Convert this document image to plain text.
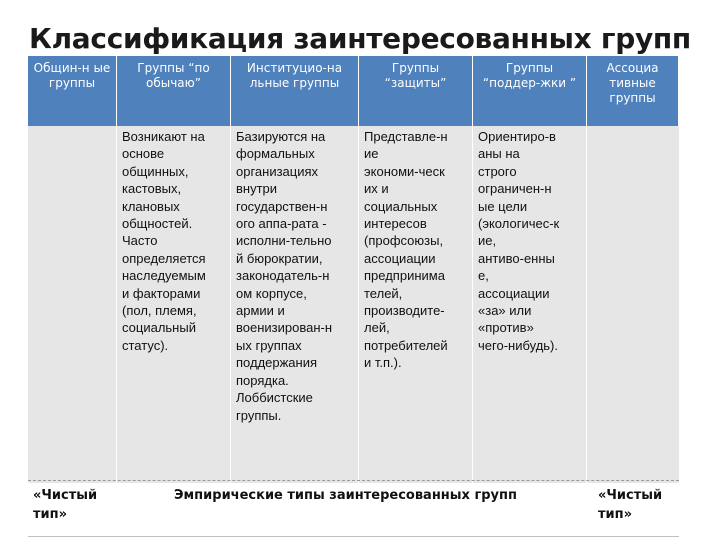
Классификация заинтересованных групп
Общин-н ые группы
Группы “по обычаю”
Институцио-на льные группы
Группы “защиты”
Группы “поддер-жки ”
Ассоциа тивные группы
Возникают на
основе
общинных,
кастовых,
клановых
общностей.
Часто
определяется
наследуемым
и факторами
(пол, племя,
социальный
статус).
Базируются на
формальных
организациях
внутри
государствен-н
ого аппа-рата -
исполни-тельно
й бюрократии,
законодатель-н
ом корпусе,
армии и
военизирован-н
ых группах
поддержания
порядка.
Лоббистские
группы.
Представле-н
ие
экономи-ческ
их и
социальных
интересов
(профсоюзы,
ассоциации
предпринима
телей,
производите-
лей,
потребителей
и т.п.).
Ориентиро-в
аны на
строго
ограничен-н
ые цели
(экологичес-к
ие,
антиво-енны
е,
ассоциации
«за» или
«против»
чего-нибудь).
«Чистый тип»
Эмпирические типы заинтересованных групп	«Чистый тип»
